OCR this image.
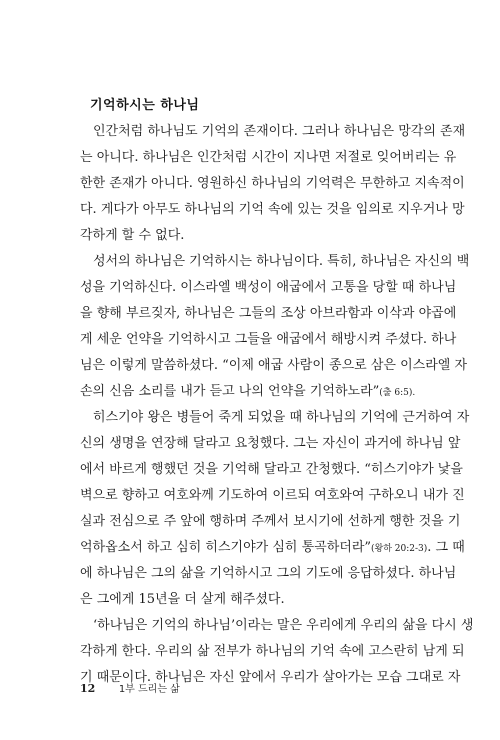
기억하시는 하나님
인간처럼 하나님도 기억의 존재이다. 그러나 하나님은 망각의 존재
는 아니다. 하나님은 인간처럼 시간이 지나면 저절로 잊어버리는 유
한한 존재가 아니다. 영원하신 하나님의 기억력은 무한하고 지속적이
다. 게다가 아무도 하나님의 기억 속에 있는 것을 임의로 지우거나 망
각하게 할 수 없다.
성서의 하나님은 기억하시는 하나님이다. 특히, 하나님은 자신의 백
성을 기억하신다. 이스라엘 백성이 애굽에서 고통을 당할 때 하나님
을 향해 부르짖자, 하나님은 그들의 조상 아브라함과 이삭과 야곱에
게 세운 언약을 기억하시고 그들을 애굽에서 해방시켜 주셨다. 하나
님은 이렇게 말씀하셨다. “이제 애굽 사람이 종으로 삼은 이스라엘 자
손의 신음 소리를 내가 듣고 나의 언약을 기억하노라”(출 6:5).
히스기야 왕은 병들어 죽게 되었을 때 하나님의 기억에 근거하여 자
신의 생명을 연장해 달라고 요청했다. 그는 자신이 과거에 하나님 앞
에서 바르게 행했던 것을 기억해 달라고 간청했다. “히스기야가 낯을
벽으로 향하고 여호와께 기도하여 이르되 여호와여 구하오니 내가 진
실과 전심으로 주 앞에 행하며 주께서 보시기에 선하게 행한 것을 기
억하옵소서 하고 심히 히스기야가 심히 통곡하더라”(왕하 20:2-3). 그 때
에 하나님은 그의 삶을 기억하시고 그의 기도에 응답하셨다. 하나님
은 그에게 15년을 더 살게 해주셨다.
‘하나님은 기억의 하나님’이라는 말은 우리에게 우리의 삶을 다시 생
각하게 한다. 우리의 삶 전부가 하나님의 기억 속에 고스란히 남게 되
기 때문이다. 하나님은 자신 앞에서 우리가 살아가는 모습 그대로 자
12 1부 드리는 삶
